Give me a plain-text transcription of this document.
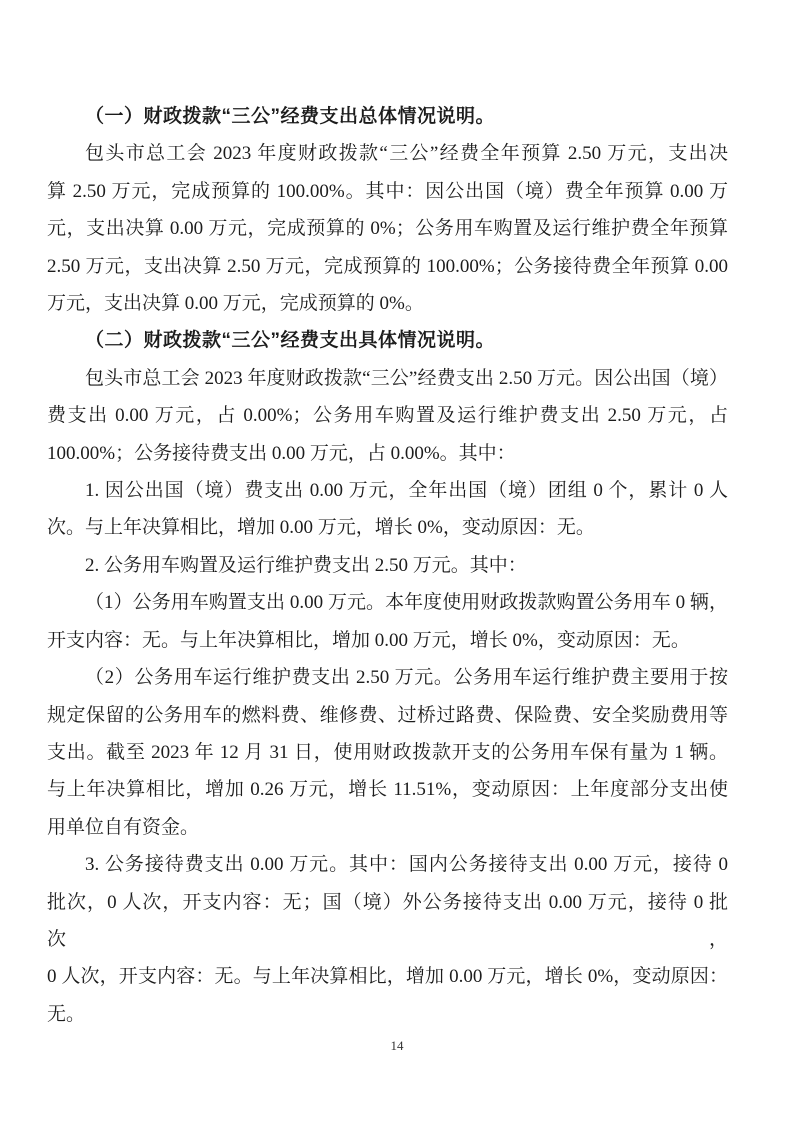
（一）财政拨款“三公”经费支出总体情况说明。
包头市总工会 2023 年度财政拨款“三公”经费全年预算 2.50 万元，支出决
算 2.50 万元，完成预算的 100.00%。其中：因公出国（境）费全年预算 0.00 万
元，支出决算 0.00 万元，完成预算的 0%；公务用车购置及运行维护费全年预算
2.50 万元，支出决算 2.50 万元，完成预算的 100.00%；公务接待费全年预算 0.00
万元，支出决算 0.00 万元，完成预算的 0%。
（二）财政拨款“三公”经费支出具体情况说明。
包头市总工会 2023 年度财政拨款“三公”经费支出 2.50 万元。因公出国（境）
费支出 0.00 万元，占 0.00%；公务用车购置及运行维护费支出 2.50 万元，占
100.00%；公务接待费支出 0.00 万元，占 0.00%。其中：
1. 因公出国（境）费支出 0.00 万元，全年出国（境）团组 0 个，累计 0 人
次。与上年决算相比，增加 0.00 万元，增长 0%，变动原因：无。
2. 公务用车购置及运行维护费支出 2.50 万元。其中：
（1）公务用车购置支出 0.00 万元。本年度使用财政拨款购置公务用车 0 辆，
开支内容：无。与上年决算相比，增加 0.00 万元，增长 0%，变动原因：无。
（2）公务用车运行维护费支出 2.50 万元。公务用车运行维护费主要用于按
规定保留的公务用车的燃料费、维修费、过桥过路费、保险费、安全奖励费用等
支出。截至 2023 年 12 月 31 日，使用财政拨款开支的公务用车保有量为 1 辆。
与上年决算相比，增加 0.26 万元，增长 11.51%，变动原因：上年度部分支出使
用单位自有资金。
3. 公务接待费支出 0.00 万元。其中：国内公务接待支出 0.00 万元，接待 0
批次，0 人次，开支内容：无；国（境）外公务接待支出 0.00 万元，接待 0 批次，
0 人次，开支内容：无。与上年决算相比，增加 0.00 万元，增长 0%，变动原因：
无。
14
